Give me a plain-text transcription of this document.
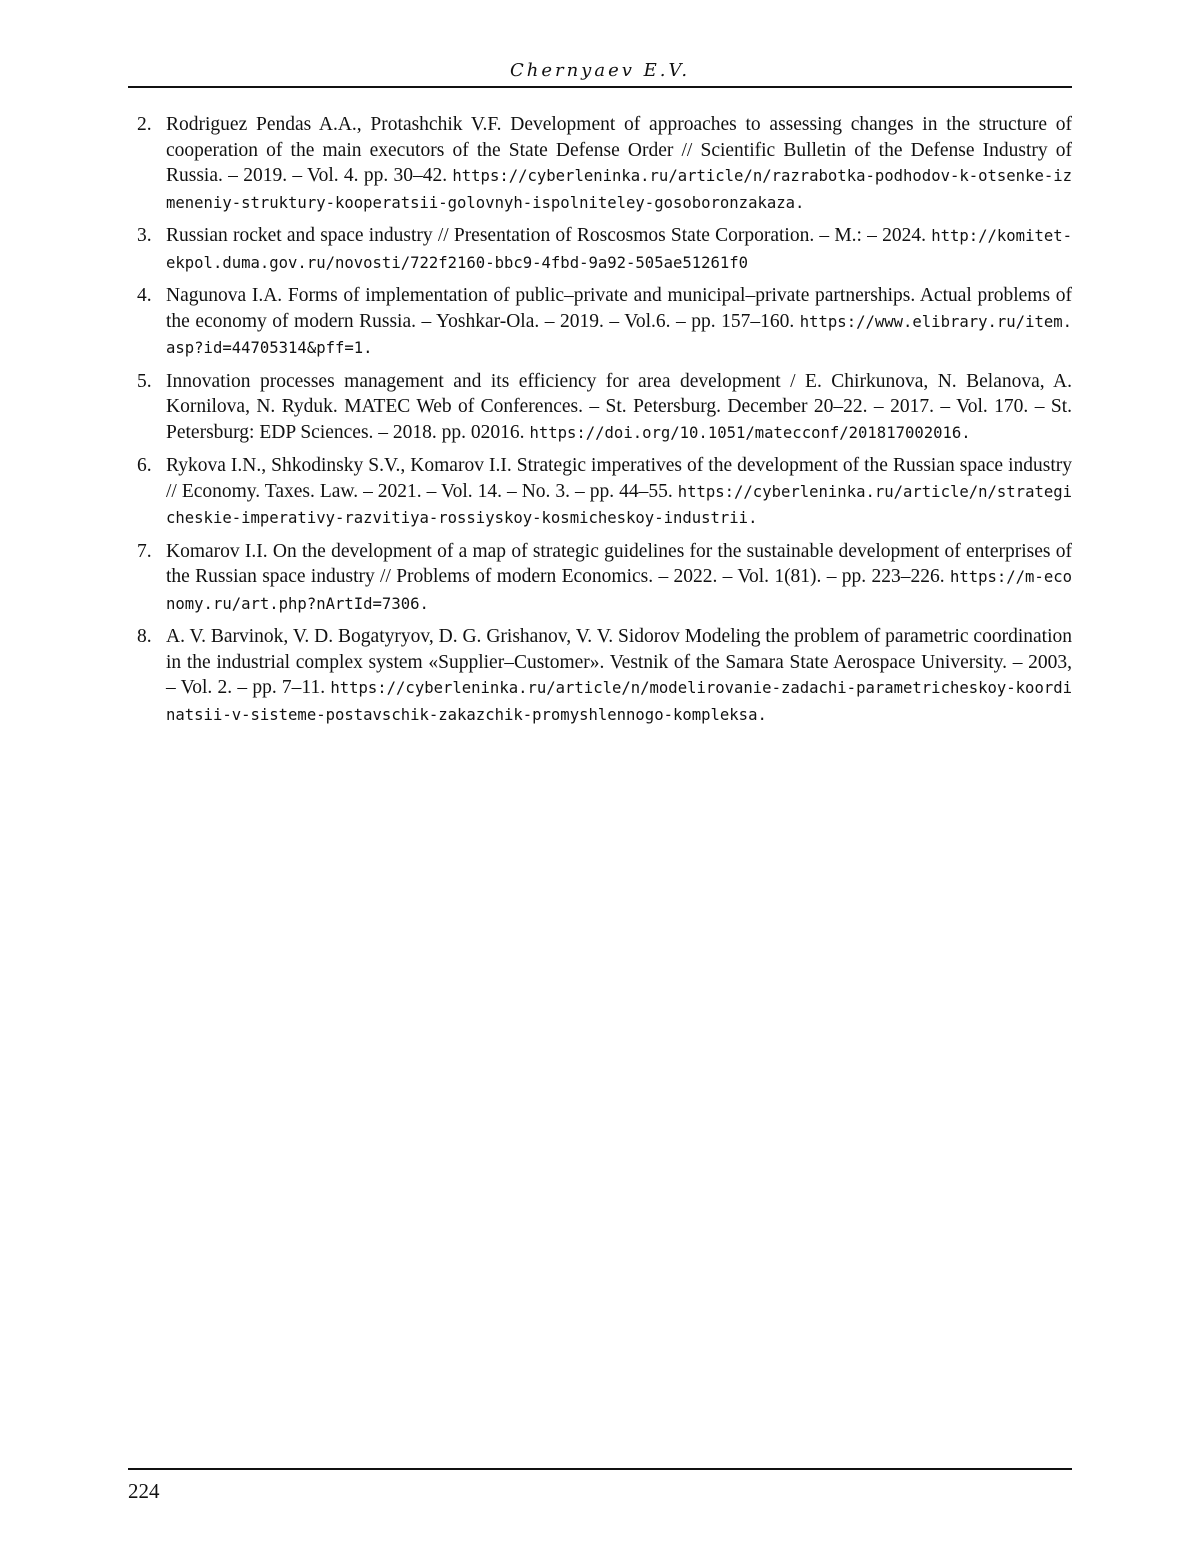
Chernyaev E.V.
2. Rodriguez Pendas A.A., Protashchik V.F. Development of approaches to assessing changes in the structure of cooperation of the main executors of the State Defense Order // Scientific Bulletin of the Defense Industry of Russia. – 2019. – Vol. 4. pp. 30–42. https://cyberleninka.ru/article/n/razrabotka-podhodov-k-otsenke-izmeneniy-struktury-kooperatsii-golovnyh-ispolniteley-gosoboronzakaza.
3. Russian rocket and space industry // Presentation of Roscosmos State Corporation. – M.: – 2024. http://komitet-ekpol.duma.gov.ru/novosti/722f2160-bbc9-4fbd-9a92-505ae51261f0
4. Nagunova I.A. Forms of implementation of public–private and municipal–private partnerships. Actual problems of the economy of modern Russia. – Yoshkar-Ola. – 2019. – Vol.6. – pp. 157–160. https://www.elibrary.ru/item.asp?id=44705314&pff=1.
5. Innovation processes management and its efficiency for area development / E. Chirkunova, N. Belanova, A. Kornilova, N. Ryduk. MATEC Web of Conferences. – St. Petersburg. December 20–22. – 2017. – Vol. 170. – St. Petersburg: EDP Sciences. – 2018. pp. 02016. https://doi.org/10.1051/matecconf/201817002016.
6. Rykova I.N., Shkodinsky S.V., Komarov I.I. Strategic imperatives of the development of the Russian space industry // Economy. Taxes. Law. – 2021. – Vol. 14. – No. 3. – pp. 44–55. https://cyberleninka.ru/article/n/strategicheskie-imperativy-razvitiya-rossiyskoy-kosmicheskoy-industrii.
7. Komarov I.I. On the development of a map of strategic guidelines for the sustainable development of enterprises of the Russian space industry // Problems of modern Economics. – 2022. – Vol. 1(81). – pp. 223–226. https://m-economy.ru/art.php?nArtId=7306.
8. A. V. Barvinok, V. D. Bogatyryov, D. G. Grishanov, V. V. Sidorov Modeling the problem of parametric coordination in the industrial complex system «Supplier–Customer». Vestnik of the Samara State Aerospace University. – 2003, – Vol. 2. – pp. 7–11. https://cyberleninka.ru/article/n/modelirovanie-zadachi-parametricheskoy-koordinatsii-v-sisteme-postavschik-zakazchik-promyshlennogo-kompleksa.
224
